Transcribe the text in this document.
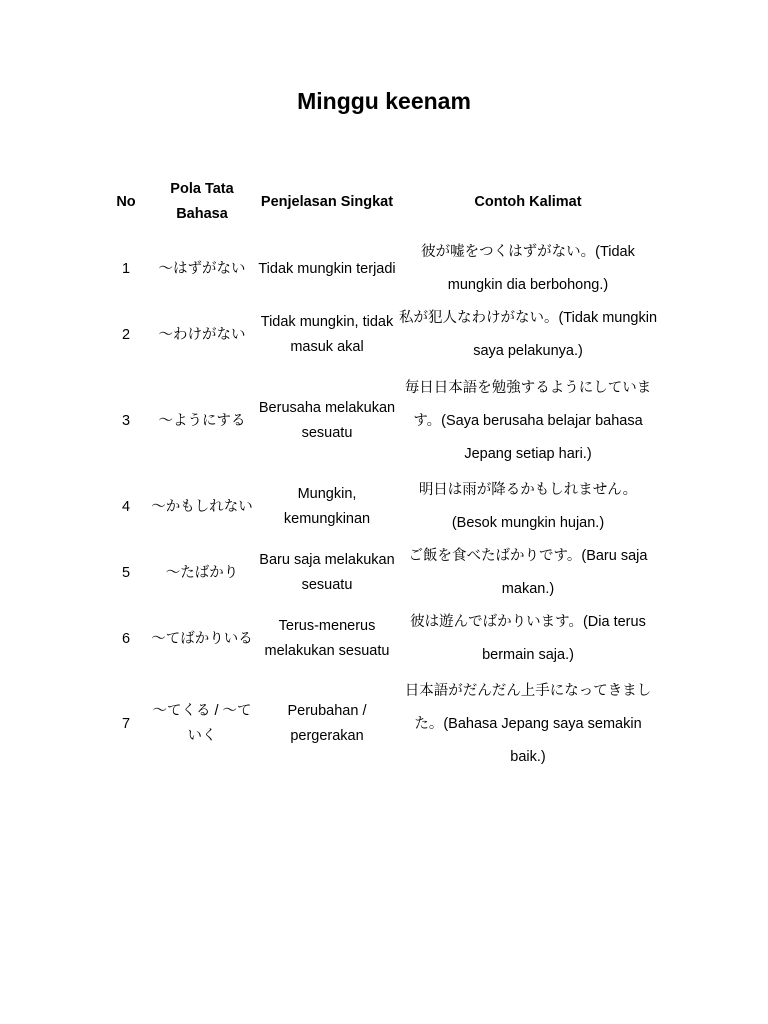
Minggu keenam
No	Pola Tata Bahasa	Penjelasan Singkat	Contoh Kalimat
1	～はずがない	Tidak mungkin terjadi	彼が嘘をつくはずがない。(Tidak mungkin dia berbohong.)
2	～わけがない	Tidak mungkin, tidak masuk akal	私が犯人なわけがない。(Tidak mungkin saya pelakunya.)
3	～ようにする	Berusaha melakukan sesuatu	毎日日本語を勉強するようにしています。(Saya berusaha belajar bahasa Jepang setiap hari.)
4	～かもしれない	Mungkin, kemungkinan	明日は雨が降るかもしれません。(Besok mungkin hujan.)
5	～たばかり	Baru saja melakukan sesuatu	ご飯を食べたばかりです。(Baru saja makan.)
6	～てばかりいる	Terus-menerus melakukan sesuatu	彼は遊んでばかりいます。(Dia terus bermain saja.)
7	～てくる / ～ていく	Perubahan / pergerakan	日本語がだんだん上手になってきました。(Bahasa Jepang saya semakin baik.)
